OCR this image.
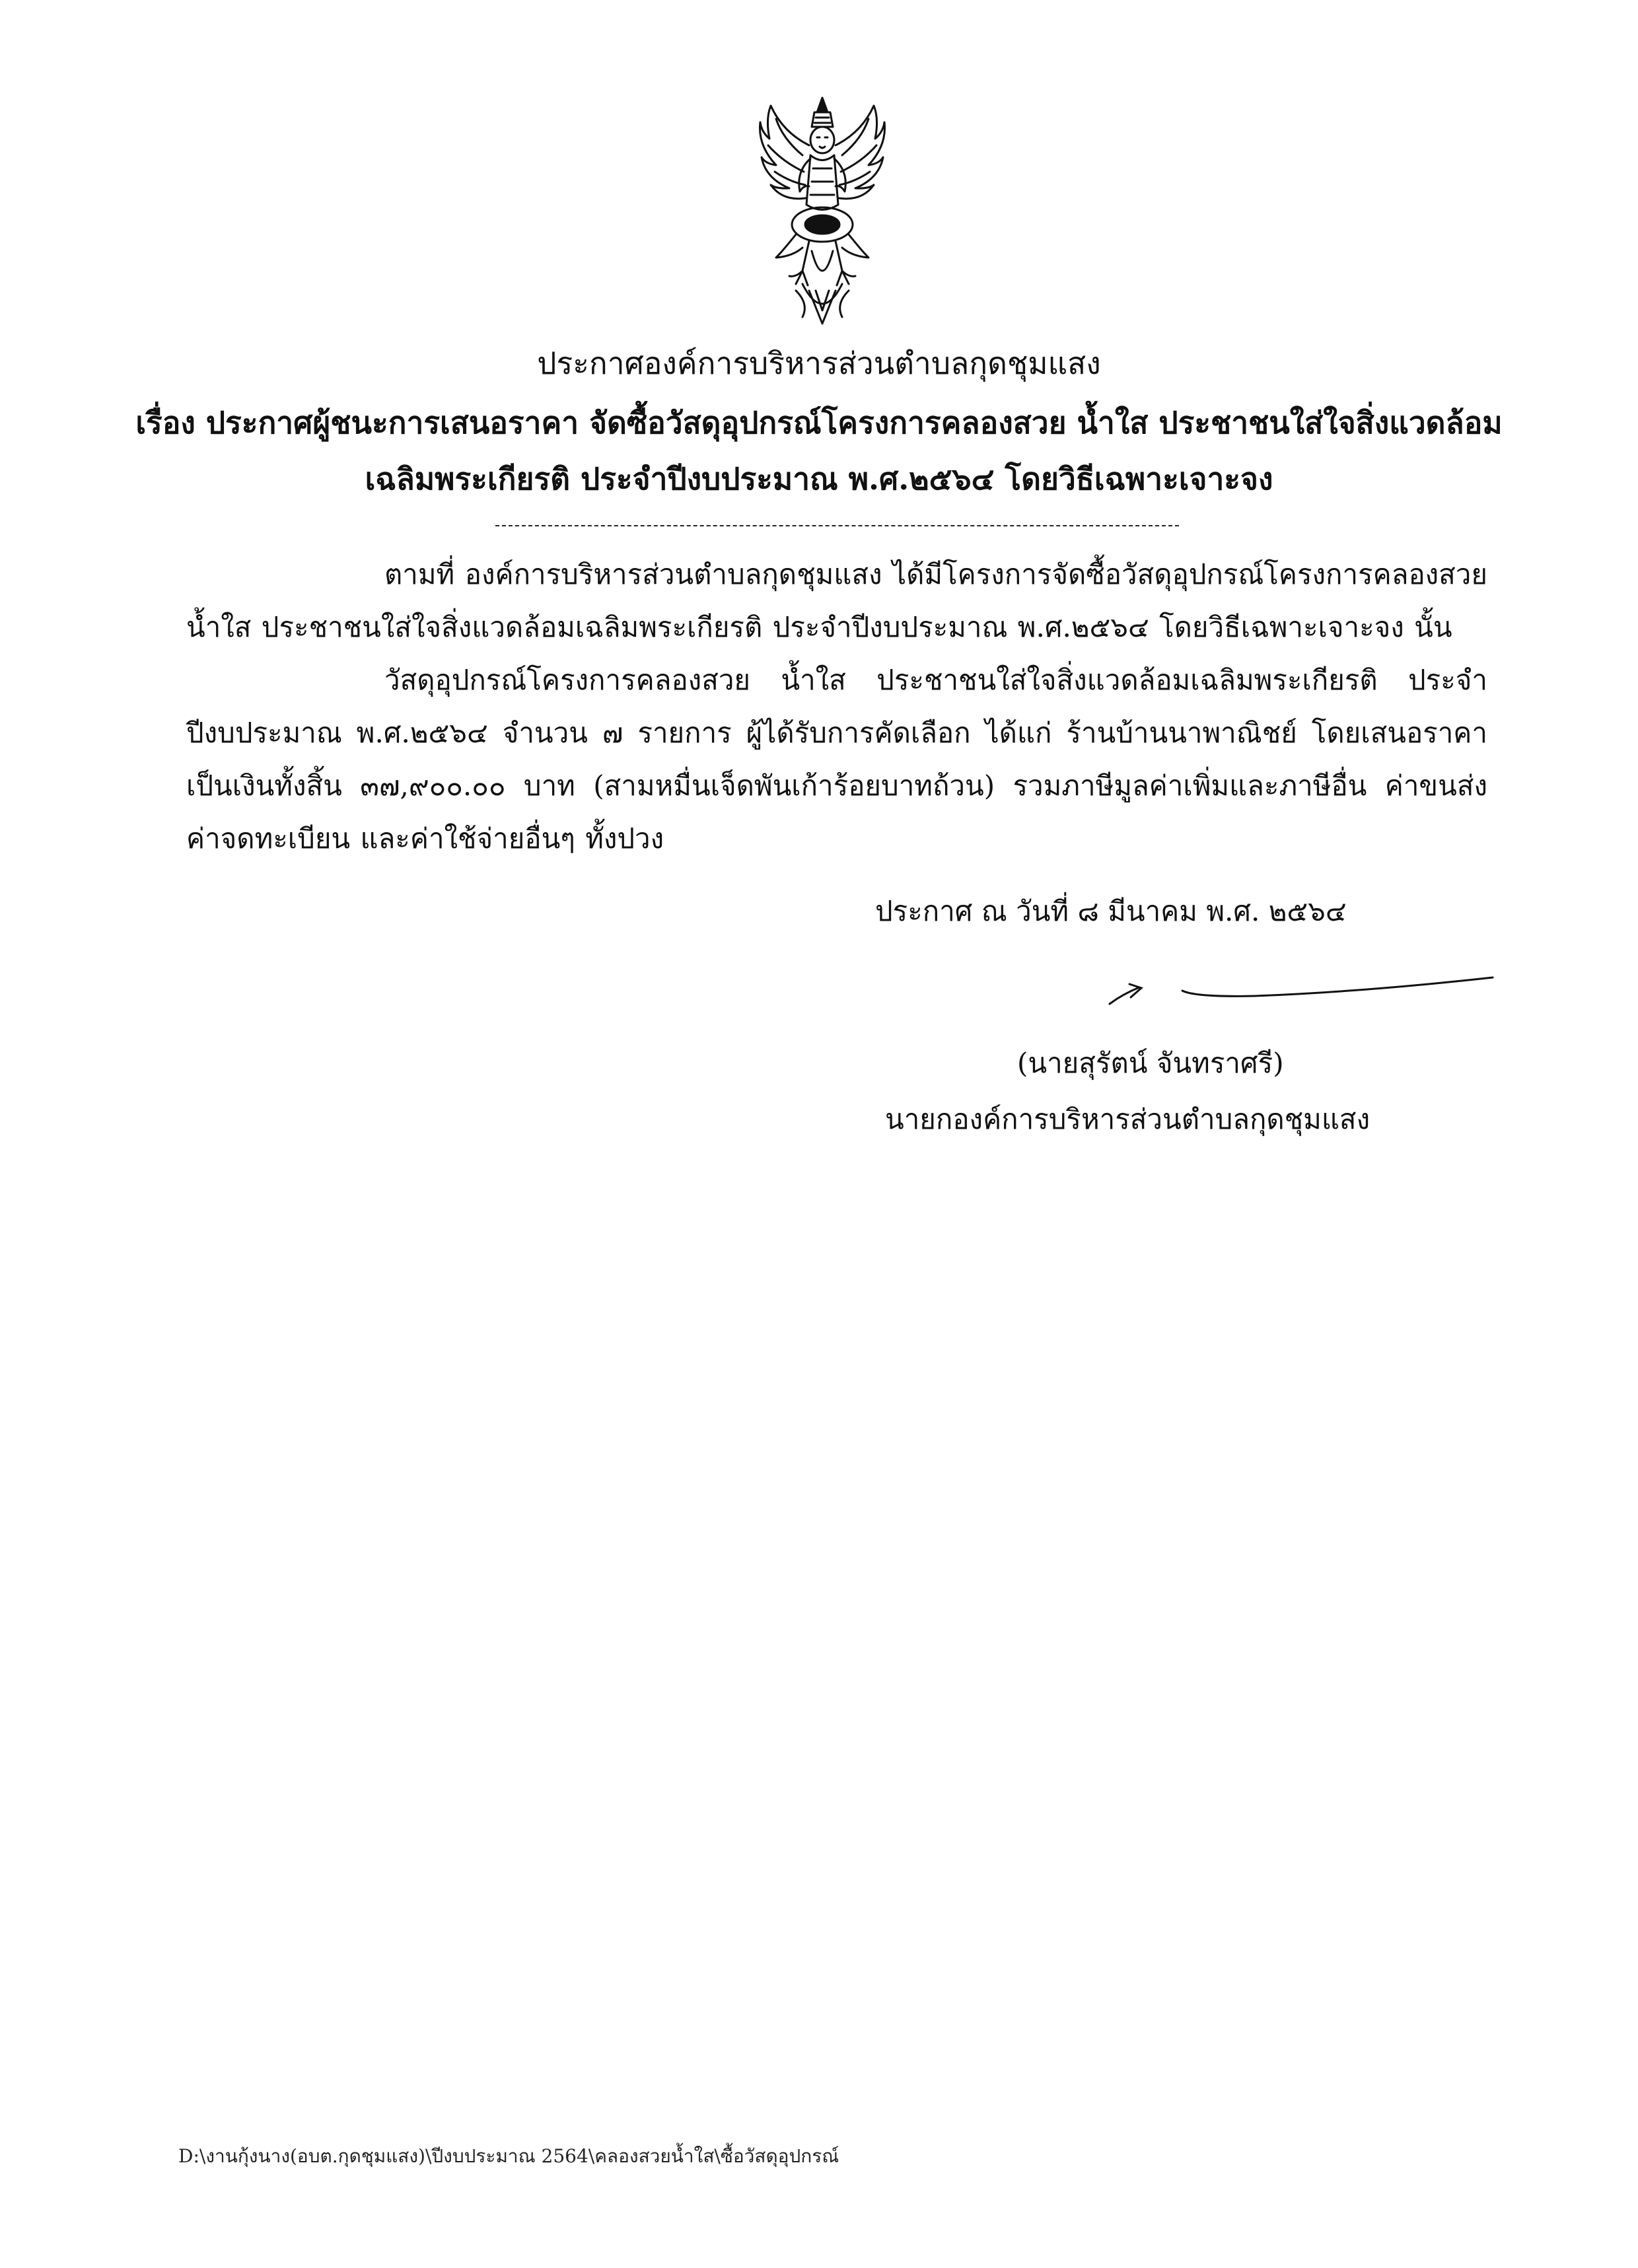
ประกาศองค์การบริหารส่วนตำบลกุดชุมแสง
เรื่อง ประกาศผู้ชนะการเสนอราคา จัดซื้อวัสดุอุปกรณ์โครงการคลองสวย น้ำใส ประชาชนใส่ใจสิ่งแวดล้อม
เฉลิมพระเกียรติ ประจำปีงบประมาณ พ.ศ.๒๕๖๔ โดยวิธีเฉพาะเจาะจง
ตามที่ องค์การบริหารส่วนตำบลกุดชุมแสง ได้มีโครงการจัดซื้อวัสดุอุปกรณ์โครงการคลองสวย น้ำใส ประชาชนใส่ใจสิ่งแวดล้อมเฉลิมพระเกียรติ ประจำปีงบประมาณ พ.ศ.๒๕๖๔ โดยวิธีเฉพาะเจาะจง นั้น
วัสดุอุปกรณ์โครงการคลองสวย น้ำใส ประชาชนใส่ใจสิ่งแวดล้อมเฉลิมพระเกียรติ ประจำปีงบประมาณ พ.ศ.๒๕๖๔ จำนวน ๗ รายการ ผู้ได้รับการคัดเลือก ได้แก่ ร้านบ้านนาพาณิชย์ โดยเสนอราคาเป็นเงินทั้งสิ้น ๓๗,๙๐๐.๐๐ บาท (สามหมื่นเจ็ดพันเก้าร้อยบาทถ้วน) รวมภาษีมูลค่าเพิ่มและภาษีอื่น ค่าขนส่ง ค่าจดทะเบียน และค่าใช้จ่ายอื่นๆ ทั้งปวง
ประกาศ ณ วันที่ ๘ มีนาคม พ.ศ. ๒๕๖๔
(นายสุรัตน์ จันทราศรี)
นายกองค์การบริหารส่วนตำบลกุดชุมแสง
D:\งานกุ้งนาง(อบต.กุดชุมแสง)\ปีงบประมาณ 2564\คลองสวยน้ำใส\ซื้อวัสดุอุปกรณ์
